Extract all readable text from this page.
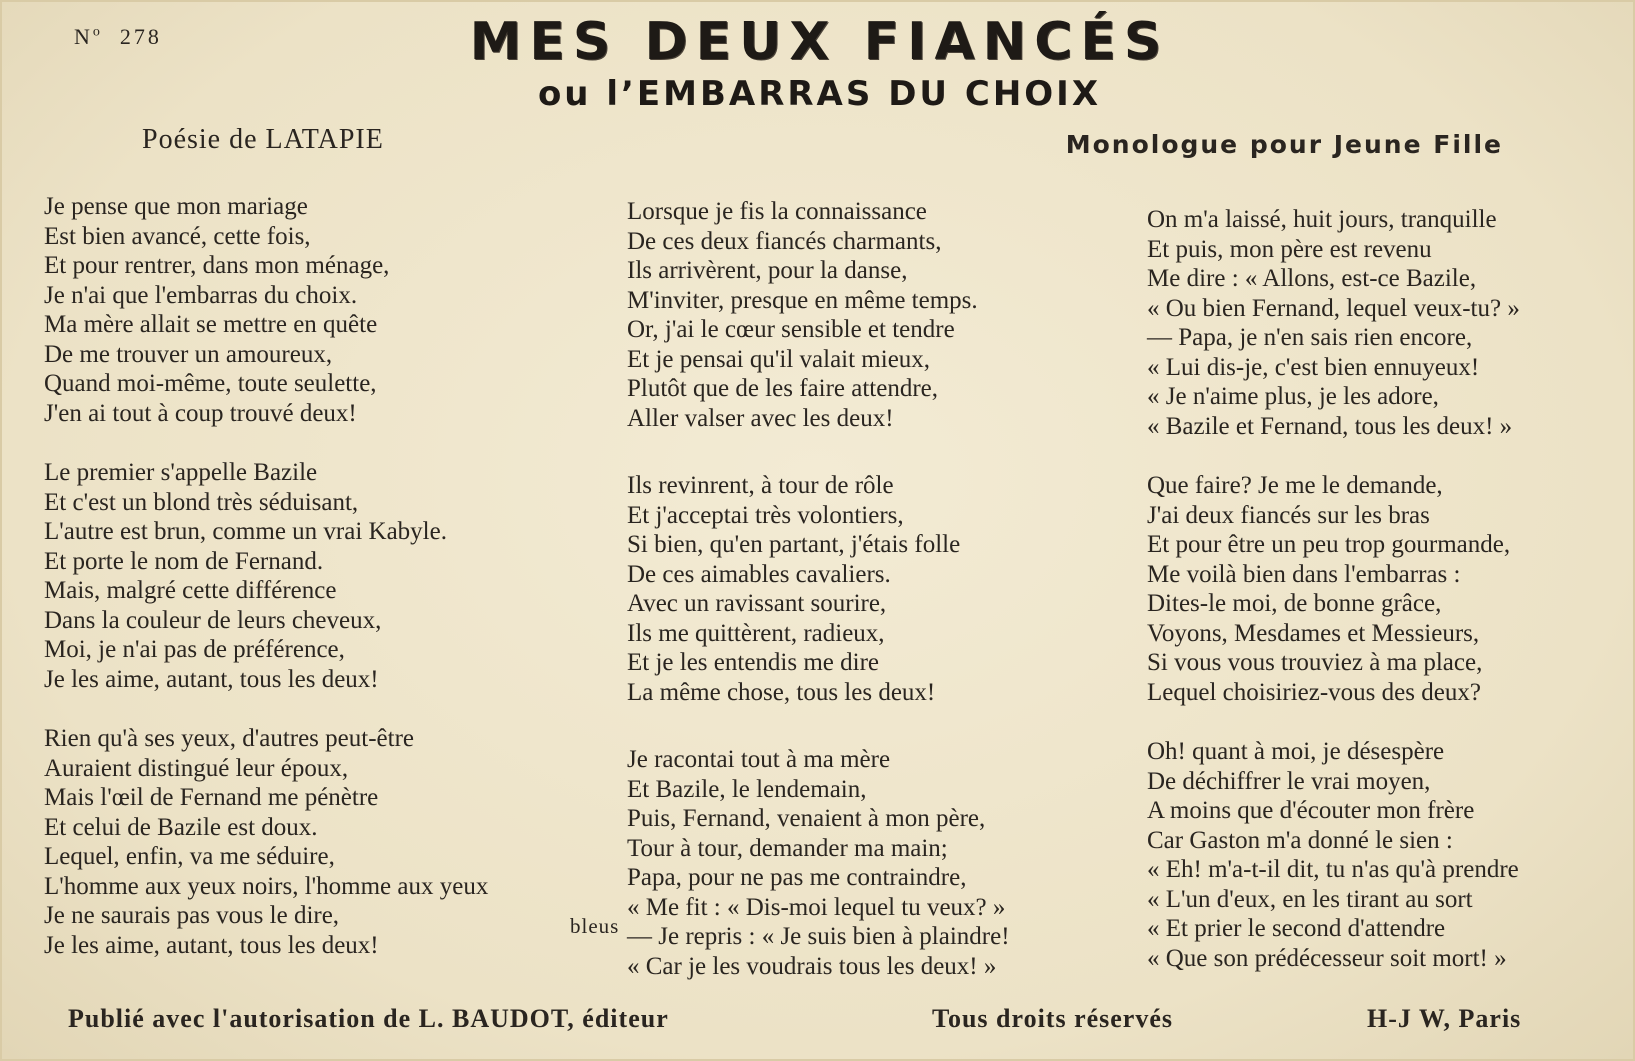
$N^o$ 278	MES DEUX FIANCÉS
ou l’EMBARRAS DU CHOIX
Poésie de LATAPIE	Monologue pour Jeune Fille
Je pense que mon mariage
Est bien avancé, cette fois,
Et pour rentrer, dans mon ménage,
Je n'ai que l'embarras du choix.
Ma mère allait se mettre en quête
De me trouver un amoureux,
Quand moi-même, toute seulette,
J'en ai tout à coup trouvé deux!
Le premier s'appelle Bazile
Et c'est un blond très séduisant,
L'autre est brun, comme un vrai Kabyle.
Et porte le nom de Fernand.
Mais, malgré cette différence
Dans la couleur de leurs cheveux,
Moi, je n'ai pas de préférence,
Je les aime, autant, tous les deux!
Rien qu'à ses yeux, d'autres peut-être
Auraient distingué leur époux,
Mais l'œil de Fernand me pénètre
Et celui de Bazile est doux.
Lequel, enfin, va me séduire,
L'homme aux yeux noirs, l'homme aux yeux
Je ne saurais pas vous le dire,
Je les aime, autant, tous les deux!
Lorsque je fis la connaissance
De ces deux fiancés charmants,
Ils arrivèrent, pour la danse,
M'inviter, presque en même temps.
Or, j'ai le cœur sensible et tendre
Et je pensai qu'il valait mieux,
Plutôt que de les faire attendre,
Aller valser avec les deux!
Ils revinrent, à tour de rôle
Et j'acceptai très volontiers,
Si bien, qu'en partant, j'étais folle
De ces aimables cavaliers.
Avec un ravissant sourire,
Ils me quittèrent, radieux,
Et je les entendis me dire
La même chose, tous les deux!
Je racontai tout à ma mère
Et Bazile, le lendemain,
Puis, Fernand, venaient à mon père,
Tour à tour, demander ma main;
Papa, pour ne pas me contraindre,
« Me fit : « Dis-moi lequel tu veux? »
— Je repris : « Je suis bien à plaindre!
« Car je les voudrais tous les deux! »
On m'a laissé, huit jours, tranquille
Et puis, mon père est revenu
Me dire : « Allons, est-ce Bazile,
« Ou bien Fernand, lequel veux-tu? »
— Papa, je n'en sais rien encore,
« Lui dis-je, c'est bien ennuyeux!
« Je n'aime plus, je les adore,
« Bazile et Fernand, tous les deux! »
Que faire? Je me le demande,
J'ai deux fiancés sur les bras
Et pour être un peu trop gourmande,
Me voilà bien dans l'embarras :
Dites-le moi, de bonne grâce,
Voyons, Mesdames et Messieurs,
Si vous vous trouviez à ma place,
Lequel choisiriez-vous des deux?
Oh! quant à moi, je désespère
De déchiffrer le vrai moyen,
A moins que d'écouter mon frère
Car Gaston m'a donné le sien :
« Eh! m'a-t-il dit, tu n'as qu'à prendre
« L'un d'eux, en les tirant au sort
« Et prier le second d'attendre
« Que son prédécesseur soit mort! »
bleus
Publié avec l'autorisation de L. BAUDOT, éditeur	Tous droits réservés	H-J W, Paris
